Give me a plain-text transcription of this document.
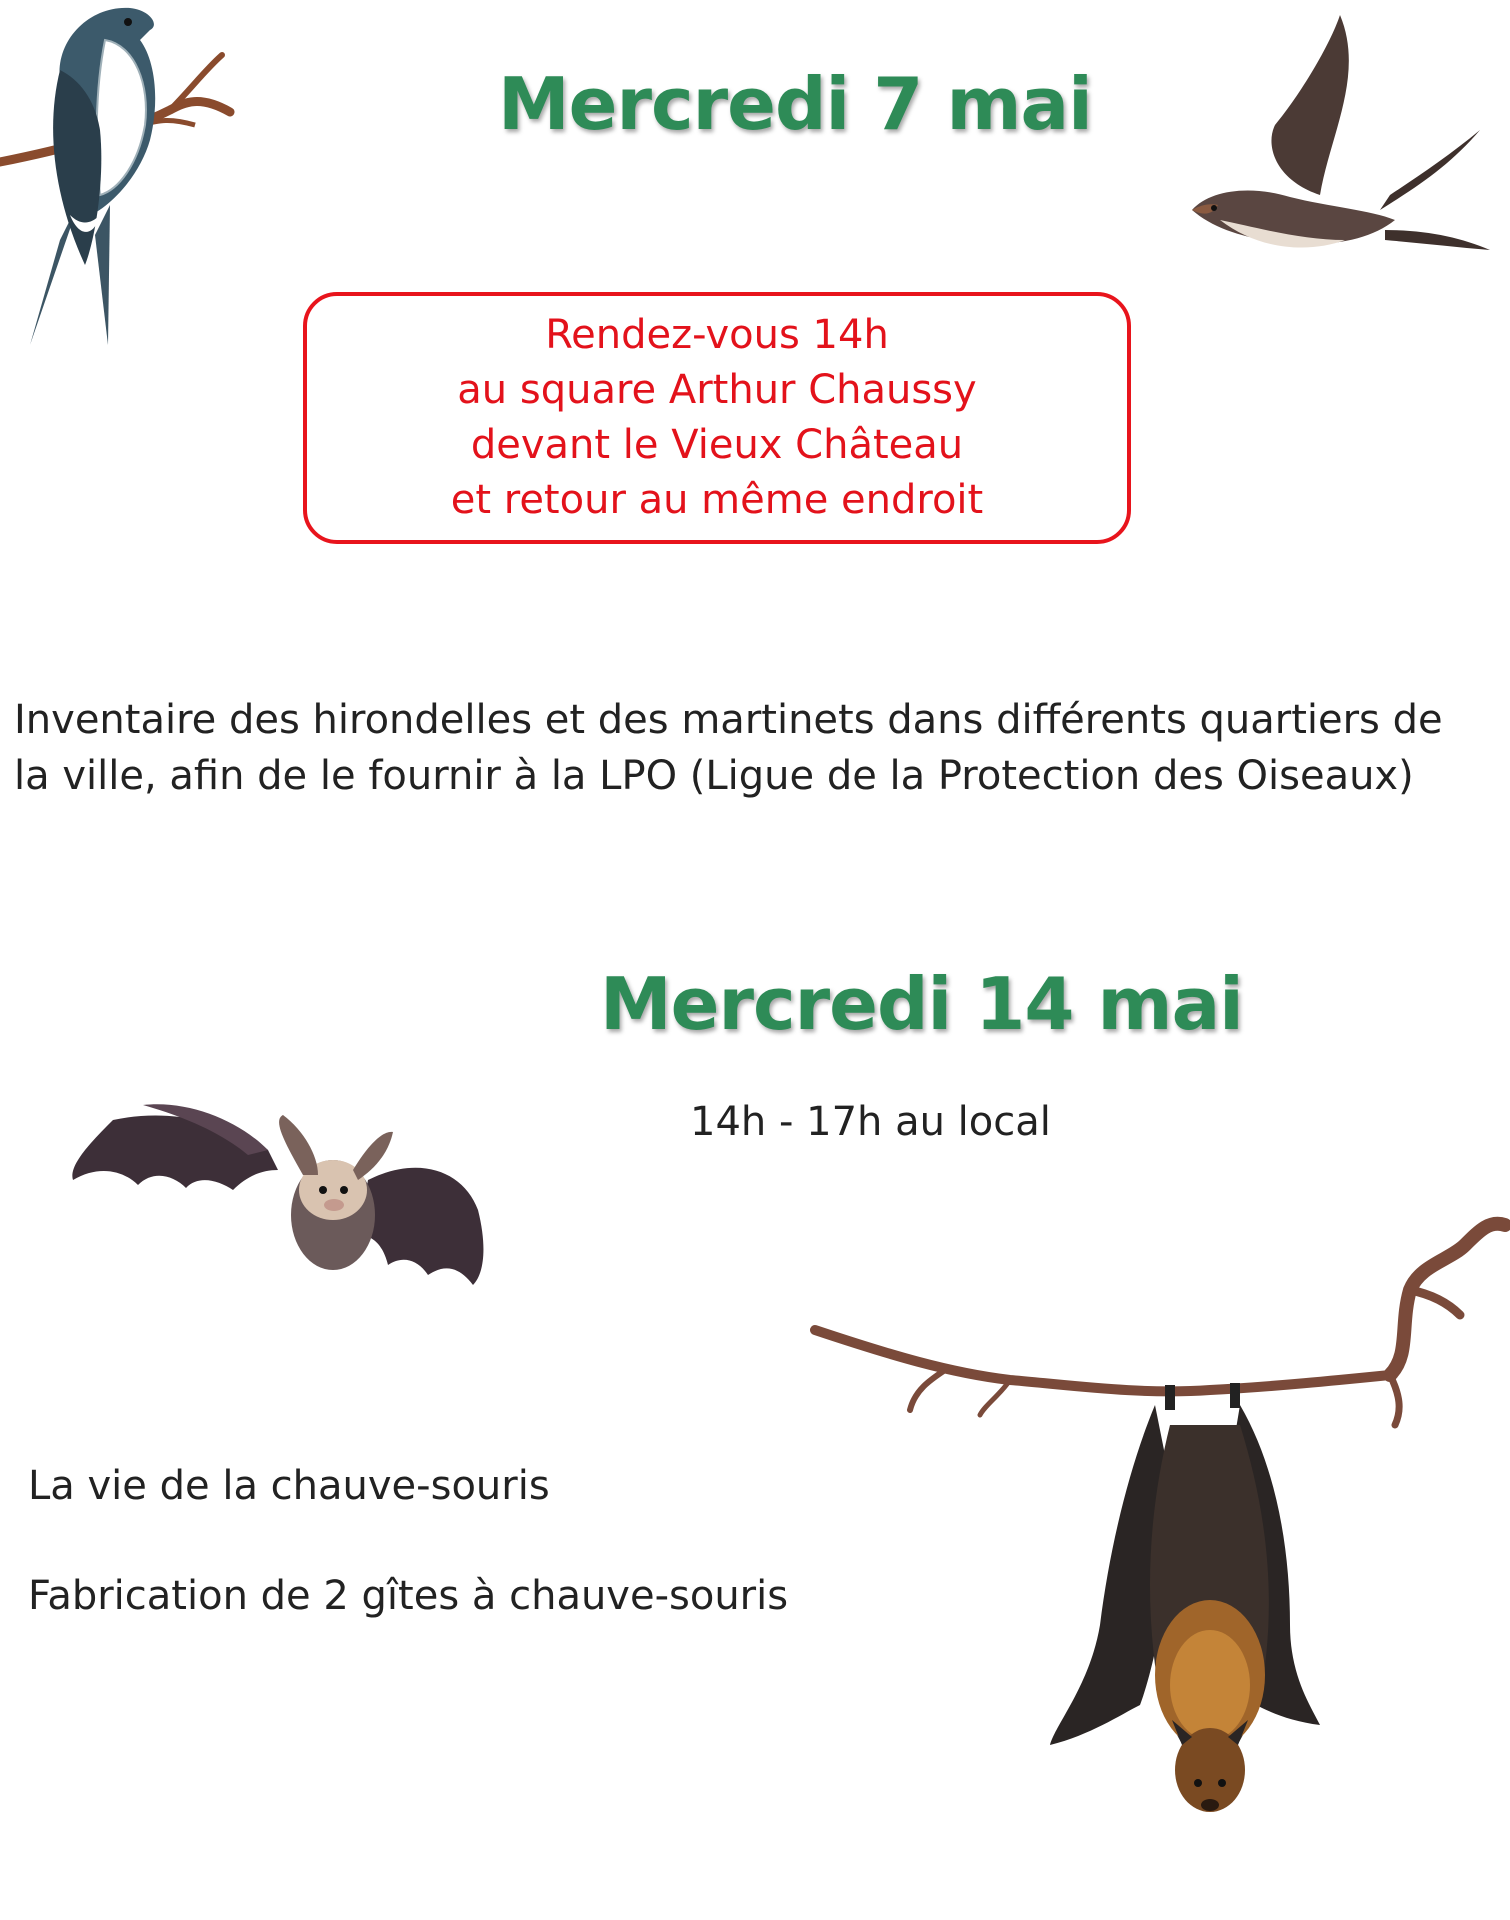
Mercredi 7 mai
Rendez-vous 14h
au square Arthur Chaussy
devant le Vieux Château
et retour au même endroit
Inventaire des hirondelles et des martinets dans différents quartiers de
la ville, afin de le fournir à la LPO (Ligue de la Protection des Oiseaux)
Mercredi 14 mai
14h - 17h au local
La vie de la chauve-souris
Fabrication de 2 gîtes à chauve-souris
